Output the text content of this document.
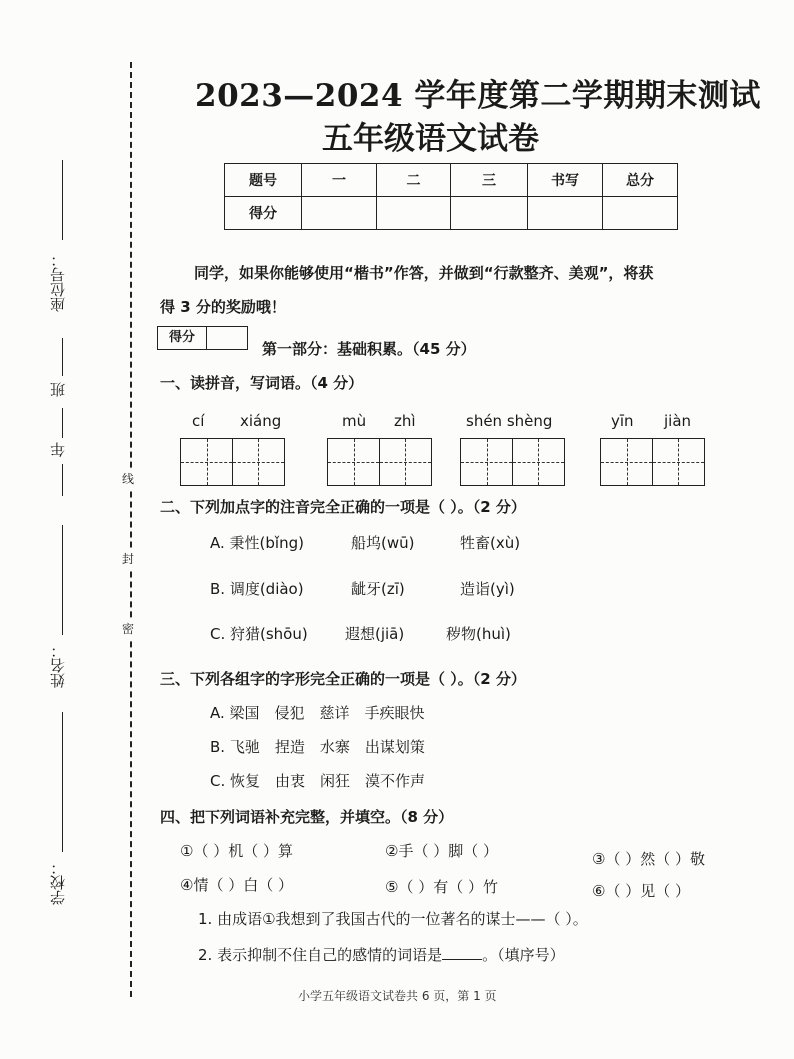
座位号：
班
年
姓名：
学校：
线
封
密
2023—2024 学年度第二学期期末测试
五年级语文试卷
题号	一	二	三	书写	总分
得分					
同学，如果你能够使用“楷书”作答，并做到“行款整齐、美观”，将获
得 3 分的奖励哦！
得分
第一部分：基础积累。（45 分）
一、读拼音，写词语。（4 分）
cí xiáng	mù zhì	shén shèng	yīn jiàn
二、下列加点字的注音完全正确的一项是（ ）。（2 分）
A. 秉性(bǐng)	船坞(wū)	牲畜(xù)
B. 调度(diào)	龇牙(zī)	造诣(yì)
C. 狩猎(shōu) 遐想(jiā)	秽物(huì)
三、下列各组字的字形完全正确的一项是（ ）。（2 分）
A. 梁国　侵犯　慈详　手疾眼快
B. 飞驰　捏造　水寨　出谋划策
C. 恢复　由衷　闲狂　漠不作声
四、把下列词语补充完整，并填空。（8 分）
①（ ）机（ ）算	②手（ ）脚（ ）	③（ ）然（ ）敬
④情（ ）白（ ）	⑤（ ）有（ ）竹	⑥（ ）见（ ）
1. 由成语①我想到了我国古代的一位著名的谋士——（ ）。
2. 表示抑制不住自己的感情的词语是	。（填序号）
小学五年级语文试卷共 6 页，第 1 页
